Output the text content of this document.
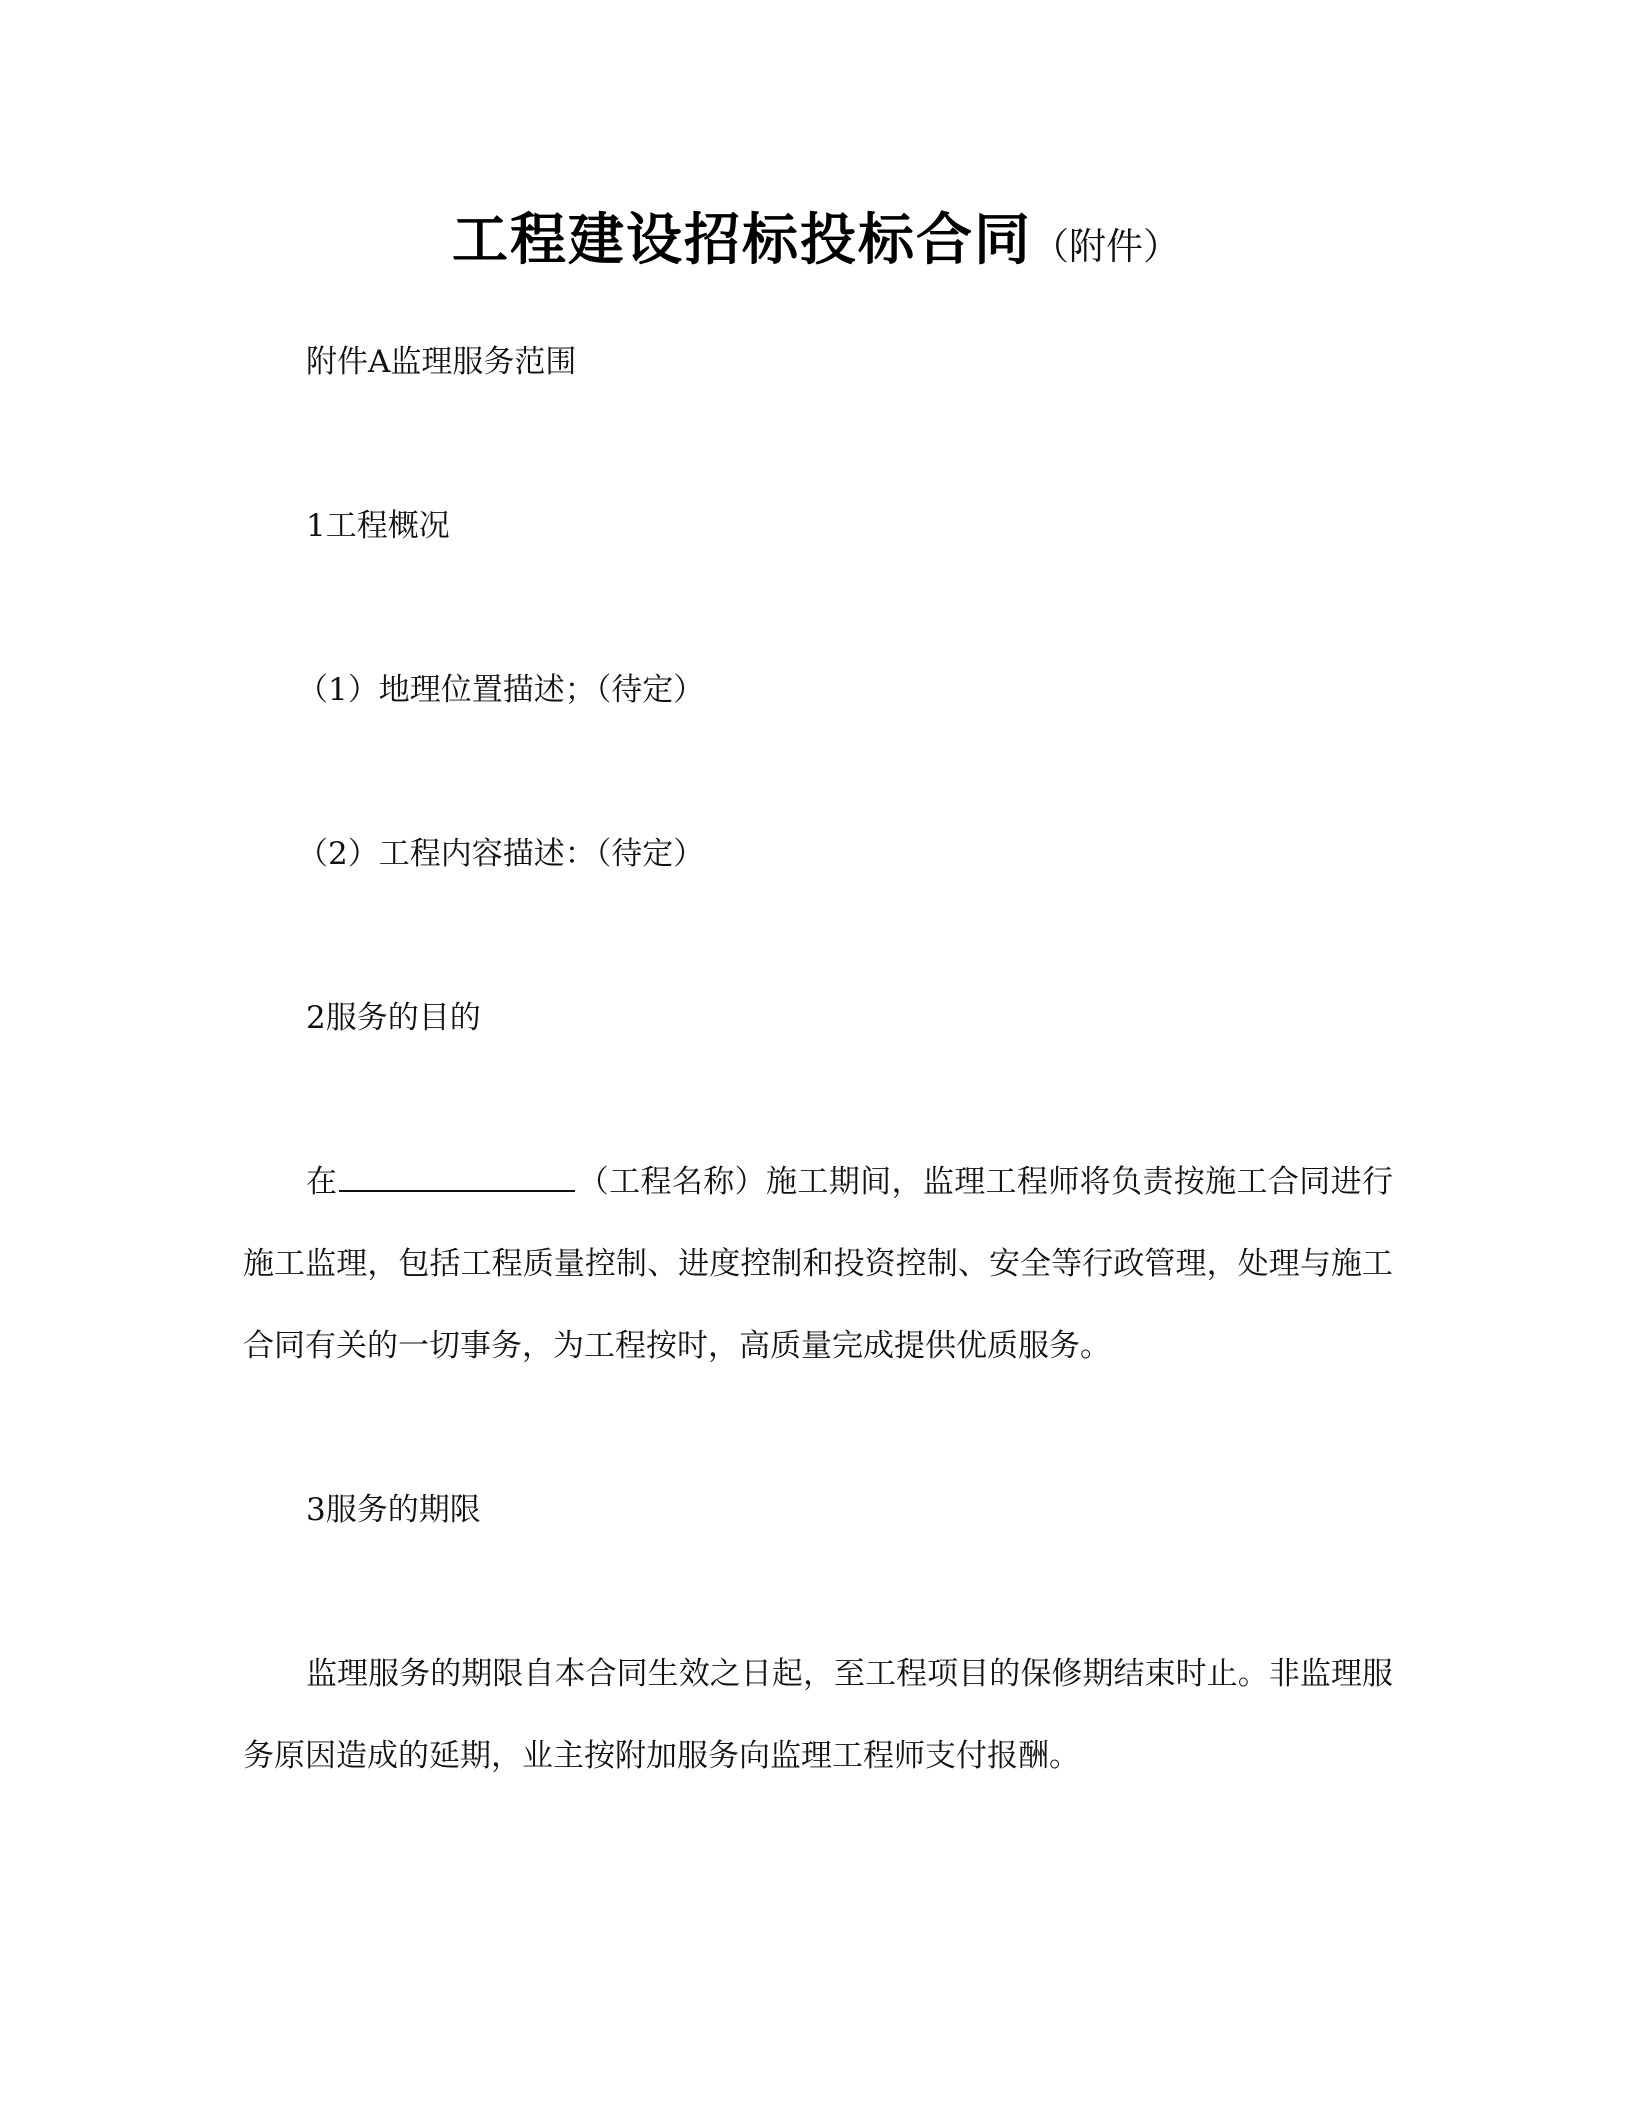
工程建设招标投标合同（附件）
附件A监理服务范围
1工程概况
（1）地理位置描述；（待定）
（2）工程内容描述：（待定）
2服务的目的
在	（工程名称）施工期间，监理工程师将负责按施工合同进行施工监理，包括工程质量控制、进度控制和投资控制、安全等行政管理，处理与施工合同有关的一切事务，为工程按时，高质量完成提供优质服务。
3服务的期限
监理服务的期限自本合同生效之日起，至工程项目的保修期结束时止。非监理服务原因造成的延期，业主按附加服务向监理工程师支付报酬。
